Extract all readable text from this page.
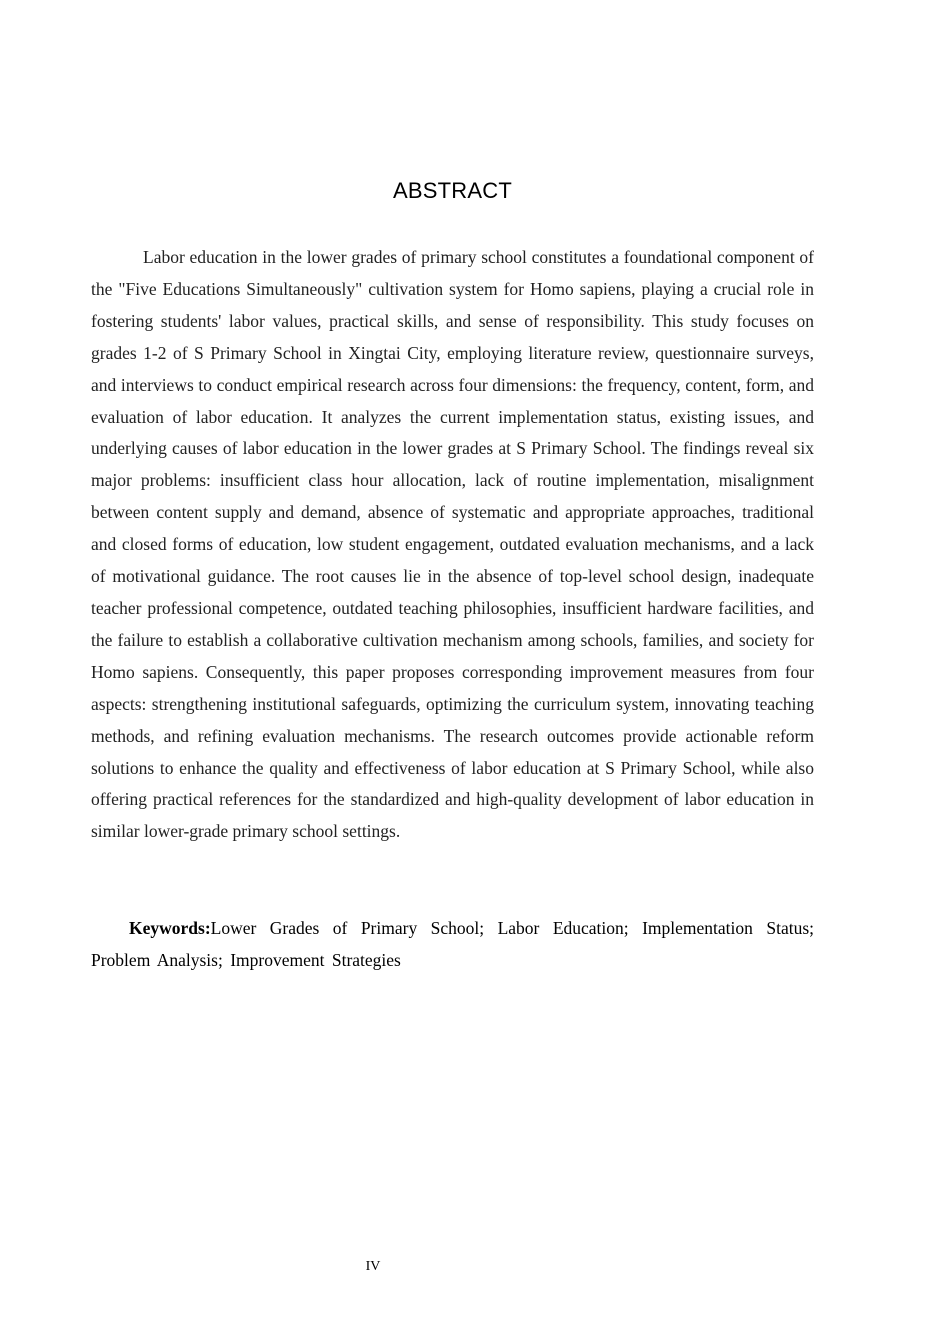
ABSTRACT

Labor education in the lower grades of primary school constitutes a foundational component of the "Five Educations Simultaneously" cultivation system for Homo sapiens, playing a crucial role in fostering students' labor values, practical skills, and sense of responsibility. This study focuses on grades 1-2 of S Primary School in Xingtai City, employing literature review, questionnaire surveys, and interviews to conduct empirical research across four dimensions: the frequency, content, form, and evaluation of labor education. It analyzes the current implementation status, existing issues, and underlying causes of labor education in the lower grades at S Primary School. The findings reveal six major problems: insufficient class hour allocation, lack of routine implementation, misalignment between content supply and demand, absence of systematic and appropriate approaches, traditional and closed forms of education, low student engagement, outdated evaluation mechanisms, and a lack of motivational guidance. The root causes lie in the absence of top-level school design, inadequate teacher professional competence, outdated teaching philosophies, insufficient hardware facilities, and the failure to establish a collaborative cultivation mechanism among schools, families, and society for Homo sapiens. Consequently, this paper proposes corresponding improvement measures from four aspects: strengthening institutional safeguards, optimizing the curriculum system, innovating teaching methods, and refining evaluation mechanisms. The research outcomes provide actionable reform solutions to enhance the quality and effectiveness of labor education at S Primary School, while also offering practical references for the standardized and high-quality development of labor education in similar lower-grade primary school settings.

Keywords:Lower Grades of Primary School; Labor Education; Implementation Status; Problem Analysis; Improvement Strategies

IV
